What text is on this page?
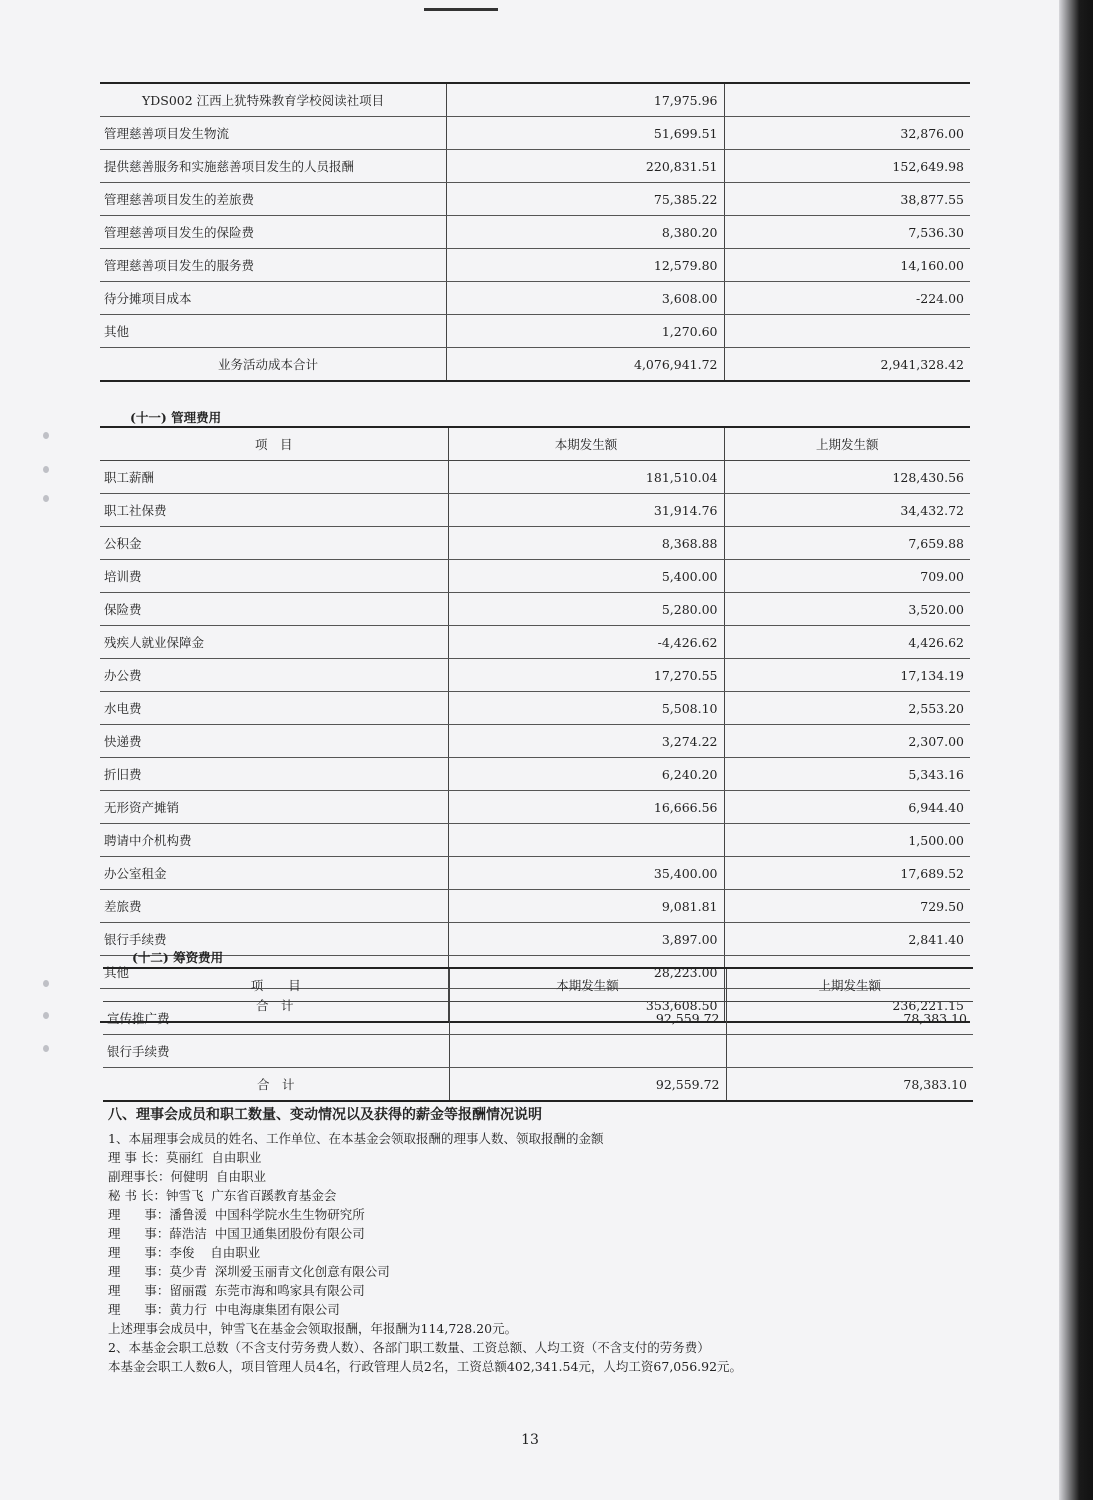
YDS002 江西上犹特殊教育学校阅读社项目	17,975.96	
管理慈善项目发生物流	51,699.51	32,876.00
提供慈善服务和实施慈善项目发生的人员报酬	220,831.51	152,649.98
管理慈善项目发生的差旅费	75,385.22	38,877.55
管理慈善项目发生的保险费	8,380.20	7,536.30
管理慈善项目发生的服务费	12,579.80	14,160.00
待分摊项目成本	3,608.00	-224.00
其他	1,270.60	
业务活动成本合计	4,076,941.72	2,941,328.42
(十一) 管理费用
项　目	本期发生额	上期发生额
职工薪酬	181,510.04	128,430.56
职工社保费	31,914.76	34,432.72
公积金	8,368.88	7,659.88
培训费	5,400.00	709.00
保险费	5,280.00	3,520.00
残疾人就业保障金	-4,426.62	4,426.62
办公费	17,270.55	17,134.19
水电费	5,508.10	2,553.20
快递费	3,274.22	2,307.00
折旧费	6,240.20	5,343.16
无形资产摊销	16,666.56	6,944.40
聘请中介机构费		1,500.00
办公室租金	35,400.00	17,689.52
差旅费	9,081.81	729.50
银行手续费	3,897.00	2,841.40
其他	28,223.00	
合　计	353,608.50	236,221.15
(十二) 筹资费用
项　　目	本期发生额	上期发生额
宣传推广费	92,559.72	78,383.10
银行手续费		
合　计	92,559.72	78,383.10
八、理事会成员和职工数量、变动情况以及获得的薪金等报酬情况说明

1、本届理事会成员的姓名、工作单位、在本基金会领取报酬的理事人数、领取报酬的金额

理 事 长：莫丽红  自由职业

副理事长：何健明  自由职业

秘 书 长：钟雪飞  广东省百蹊教育基金会

理      事：潘鲁湲  中国科学院水生生物研究所

理      事：薛浩洁  中国卫通集团股份有限公司

理      事：李俊    自由职业

理      事：莫少青  深圳爱玉丽青文化创意有限公司

理      事：留丽霞  东莞市海和鸣家具有限公司

理      事：黄力行  中电海康集团有限公司

上述理事会成员中，钟雪飞在基金会领取报酬，年报酬为114,728.20元。

2、本基金会职工总数（不含支付劳务费人数）、各部门职工数量、工资总额、人均工资（不含支付的劳务费）

本基金会职工人数6人，项目管理人员4名，行政管理人员2名，工资总额402,341.54元，人均工资67,056.92元。

13
